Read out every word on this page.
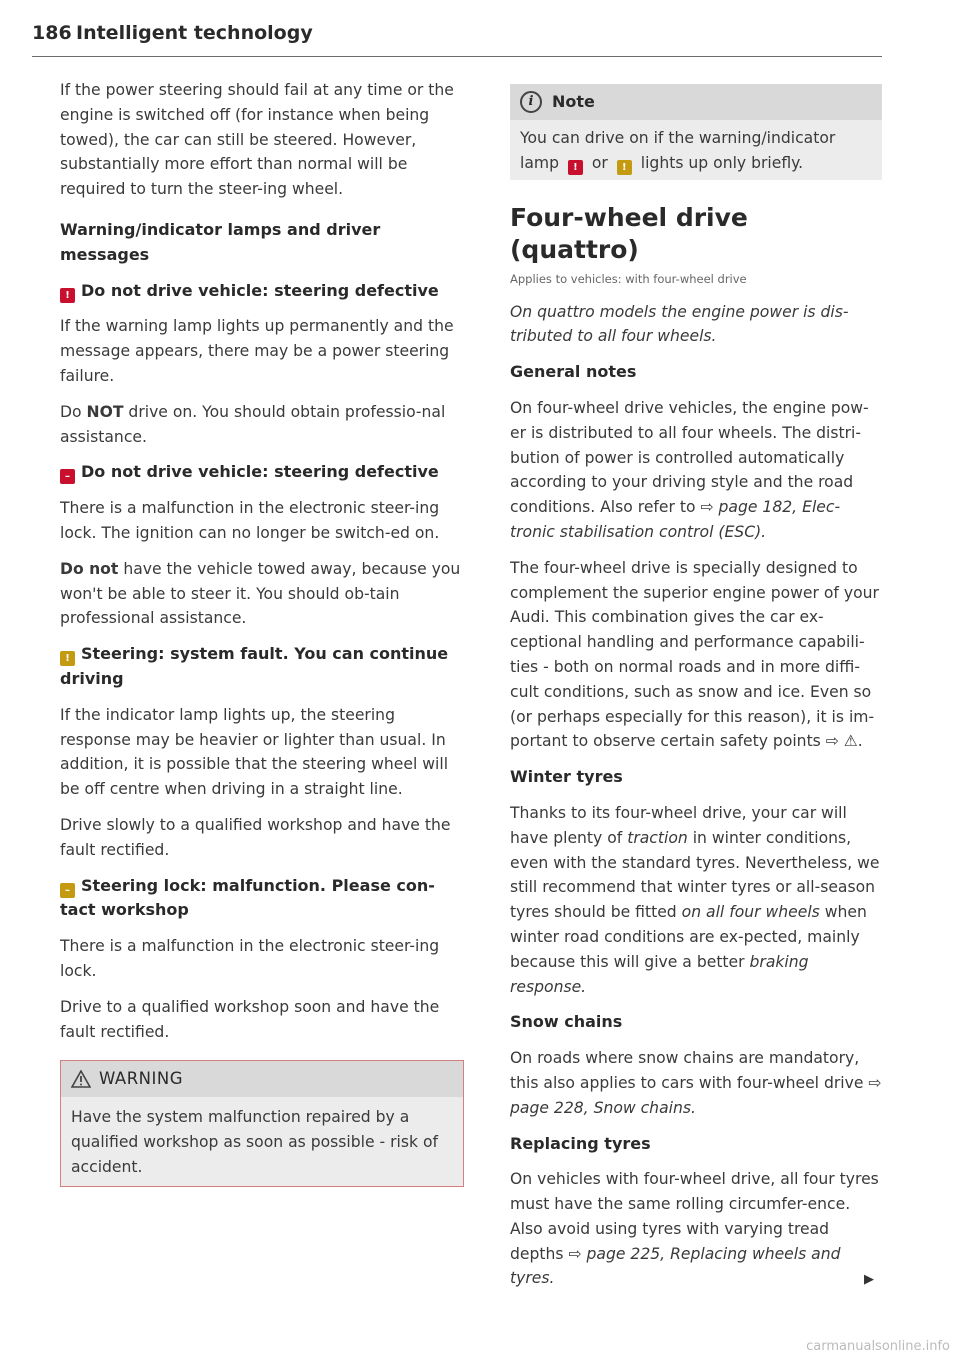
186 Intelligent technology

If the power steering should fail at any time or the engine is switched off (for instance when being towed), the car can still be steered. However, substantially more effort than normal will be required to turn the steer-ing wheel.

Warning/indicator lamps and driver messages
! Do not drive vehicle: steering defective

If the warning lamp lights up permanently and the message appears, there may be a power steering failure.

Do NOT drive on. You should obtain professio-nal assistance.

– Do not drive vehicle: steering defective

There is a malfunction in the electronic steer-ing lock. The ignition can no longer be switch-ed on.

Do not have the vehicle towed away, because you won't be able to steer it. You should ob-tain professional assistance.

! Steering: system fault. You can continue driving

If the indicator lamp lights up, the steering response may be heavier or lighter than usual. In addition, it is possible that the steering wheel will be off centre when driving in a straight line.

Drive slowly to a qualified workshop and have the fault rectified.

– Steering lock: malfunction. Please con-tact workshop

There is a malfunction in the electronic steer-ing lock.

Drive to a qualified workshop soon and have the fault rectified.

WARNING

Have the system malfunction repaired by a qualified workshop as soon as possible - risk of accident.

i	Note

You can drive on if the warning/indicator lamp ! or ! lights up only briefly.

Four-wheel drive (quattro)

Applies to vehicles: with four-wheel drive

On quattro models the engine power is dis-tributed to all four wheels.

General notes

On four-wheel drive vehicles, the engine pow-er is distributed to all four wheels. The distri-bution of power is controlled automatically according to your driving style and the road conditions. Also refer to ⇨ page 182, Elec-tronic stabilisation control (ESC).

The four-wheel drive is specially designed to complement the superior engine power of your Audi. This combination gives the car ex-ceptional handling and performance capabili-ties - both on normal roads and in more diffi-cult conditions, such as snow and ice. Even so (or perhaps especially for this reason), it is im-portant to observe certain safety points ⇨ ⚠.

Winter tyres

Thanks to its four-wheel drive, your car will have plenty of traction in winter conditions, even with the standard tyres. Nevertheless, we still recommend that winter tyres or all-season tyres should be fitted on all four wheels when winter road conditions are ex-pected, mainly because this will give a better braking response.

Snow chains

On roads where snow chains are mandatory, this also applies to cars with four-wheel drive ⇨ page 228, Snow chains.

Replacing tyres

On vehicles with four-wheel drive, all four tyres must have the same rolling circumfer-ence. Also avoid using tyres with varying tread depths ⇨ page 225, Replacing wheels and tyres.	▶
carmanualsonline.info
